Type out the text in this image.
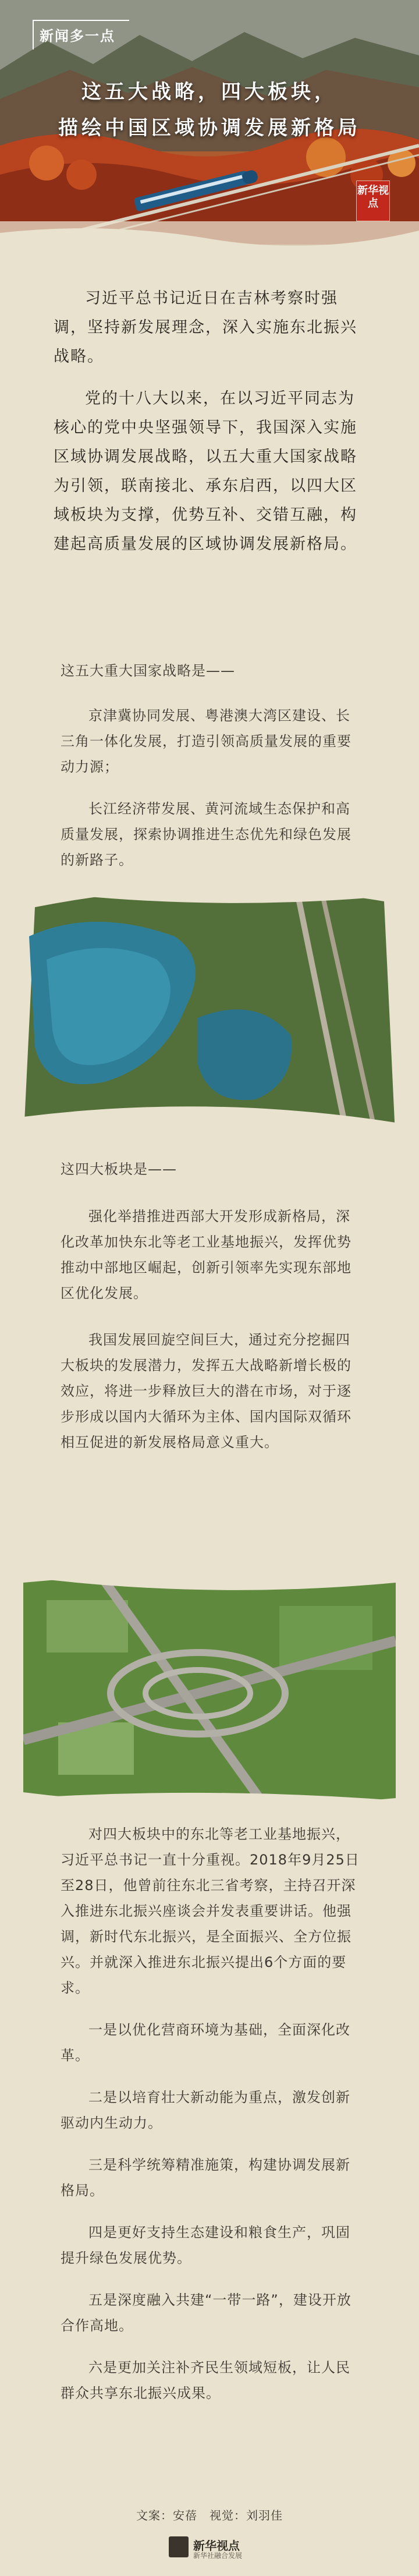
新闻多一点
这五大战略，四大板块，
描绘中国区域协调发展新格局
新华视点

习近平总书记近日在吉林考察时强调，坚持新发展理念，深入实施东北振兴战略。

党的十八大以来，在以习近平同志为核心的党中央坚强领导下，我国深入实施区域协调发展战略，以五大重大国家战略为引领，联南接北、承东启西，以四大区域板块为支撑，优势互补、交错互融，构建起高质量发展的区域协调发展新格局。

这五大重大国家战略是——

京津冀协同发展、粤港澳大湾区建设、长三角一体化发展，打造引领高质量发展的重要动力源；

长江经济带发展、黄河流域生态保护和高质量发展，探索协调推进生态优先和绿色发展的新路子。

这四大板块是——

强化举措推进西部大开发形成新格局，深化改革加快东北等老工业基地振兴，发挥优势推动中部地区崛起，创新引领率先实现东部地区优化发展。

我国发展回旋空间巨大，通过充分挖掘四大板块的发展潜力，发挥五大战略新增长极的效应，将进一步释放巨大的潜在市场，对于逐步形成以国内大循环为主体、国内国际双循环相互促进的新发展格局意义重大。

对四大板块中的东北等老工业基地振兴，习近平总书记一直十分重视。2018年9月25日至28日，他曾前往东北三省考察，主持召开深入推进东北振兴座谈会并发表重要讲话。他强调，新时代东北振兴，是全面振兴、全方位振兴。并就深入推进东北振兴提出6个方面的要求。

一是以优化营商环境为基础，全面深化改革。

二是以培育壮大新动能为重点，激发创新驱动内生动力。

三是科学统筹精准施策，构建协调发展新格局。

四是更好支持生态建设和粮食生产，巩固提升绿色发展优势。

五是深度融入共建“一带一路”，建设开放合作高地。

六是更加关注补齐民生领域短板，让人民群众共享东北振兴成果。

文案：安蓓　视觉：刘羽佳
新华视点
新华社融合发展
